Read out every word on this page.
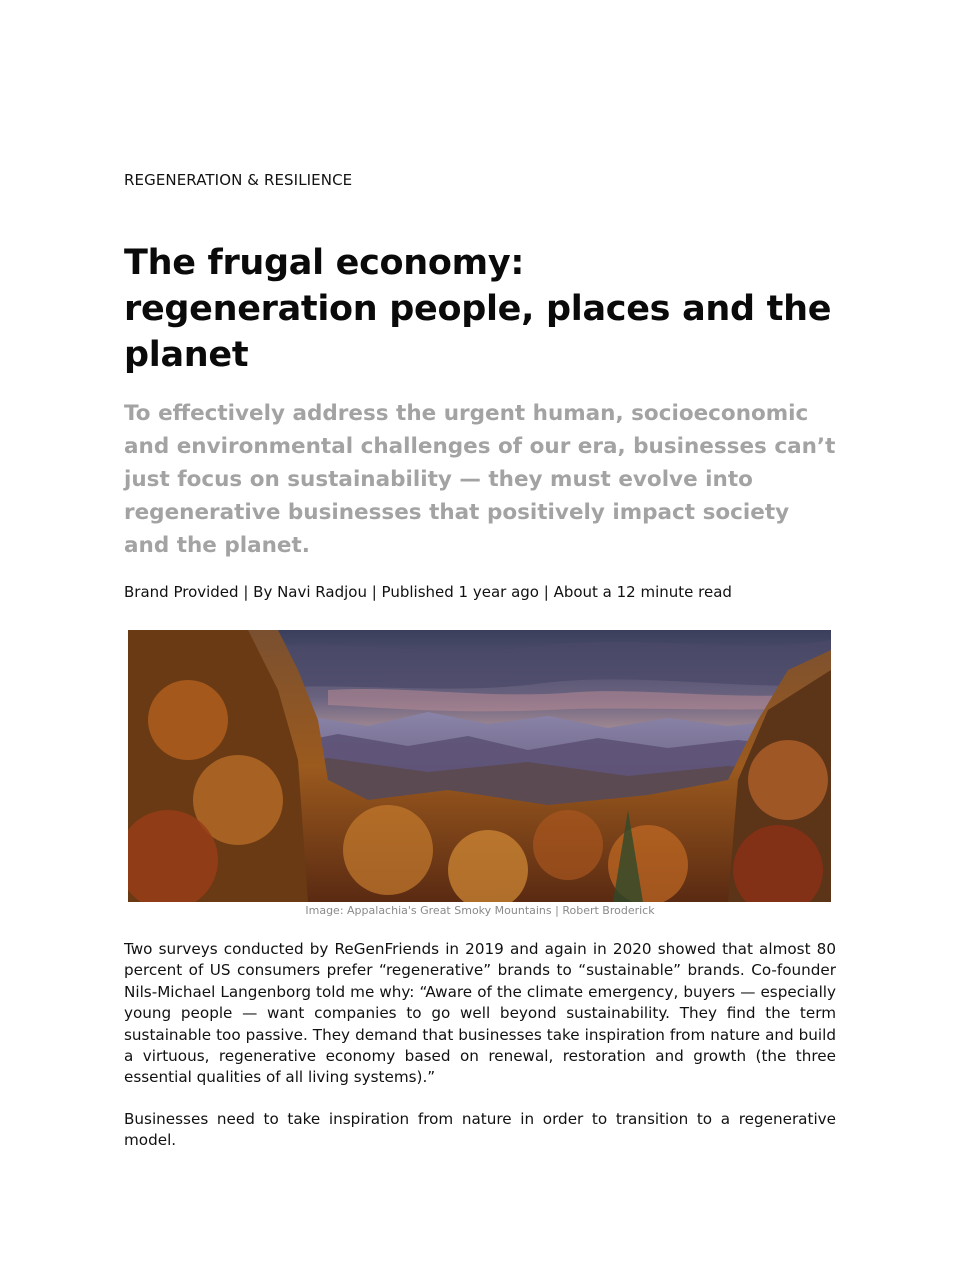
REGENERATION & RESILIENCE
The frugal economy:
regeneration people, places and the
planet

To effectively address the urgent human, socioeconomic and environmental challenges of our era, businesses can’t just focus on sustainability — they must evolve into regenerative businesses that positively impact society and the planet.

Brand Provided | By Navi Radjou | Published 1 year ago | About a 12 minute read
Image: Appalachia's Great Smoky Mountains | Robert Broderick

Two surveys conducted by ReGenFriends in 2019 and again in 2020 showed that almost 80 percent of US consumers prefer “regenerative” brands to “sustainable” brands. Co-founder Nils-Michael Langenborg told me why: “Aware of the climate emergency, buyers — especially young people — want companies to go well beyond sustainability. They find the term sustainable too passive. They demand that businesses take inspiration from nature and build a virtuous, regenerative economy based on renewal, restoration and growth (the three essential qualities of all living systems).”

Businesses need to take inspiration from nature in order to transition to a regenerative model.
